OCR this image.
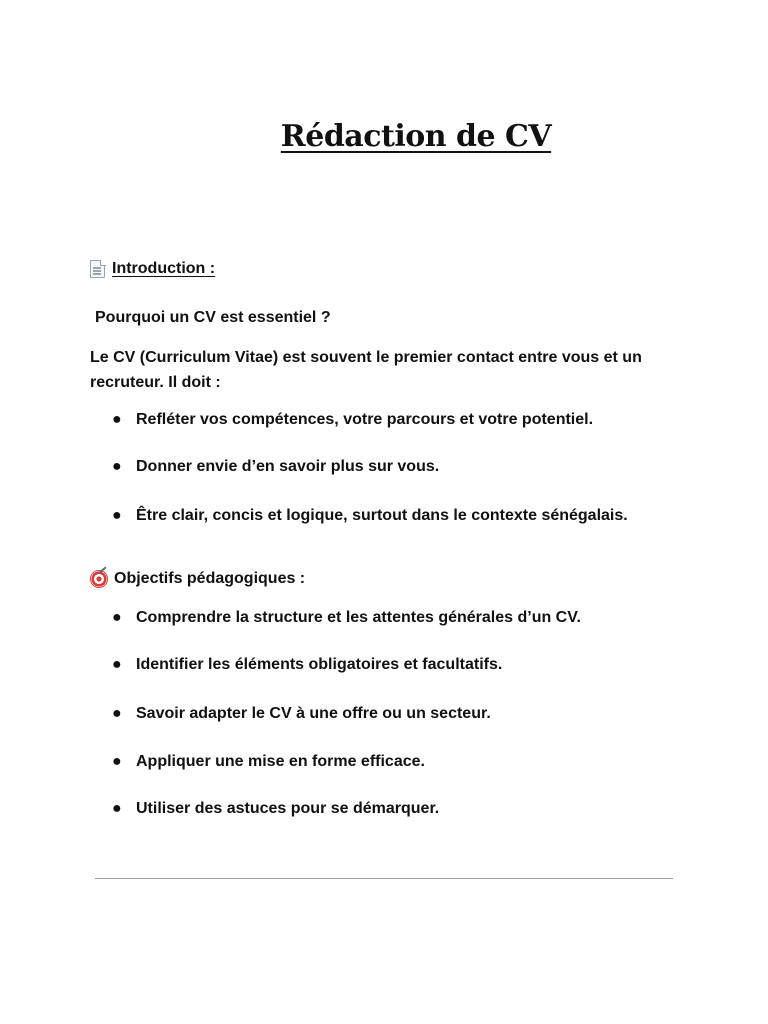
Rédaction de CV
Introduction :
Pourquoi un CV est essentiel ?
Le CV (Curriculum Vitae) est souvent le premier contact entre vous et un recruteur. Il doit :
● Refléter vos compétences, votre parcours et votre potentiel.
● Donner envie d’en savoir plus sur vous.
● Être clair, concis et logique, surtout dans le contexte sénégalais.
Objectifs pédagogiques :
● Comprendre la structure et les attentes générales d’un CV.
● Identifier les éléments obligatoires et facultatifs.
● Savoir adapter le CV à une offre ou un secteur.
● Appliquer une mise en forme efficace.
● Utiliser des astuces pour se démarquer.
